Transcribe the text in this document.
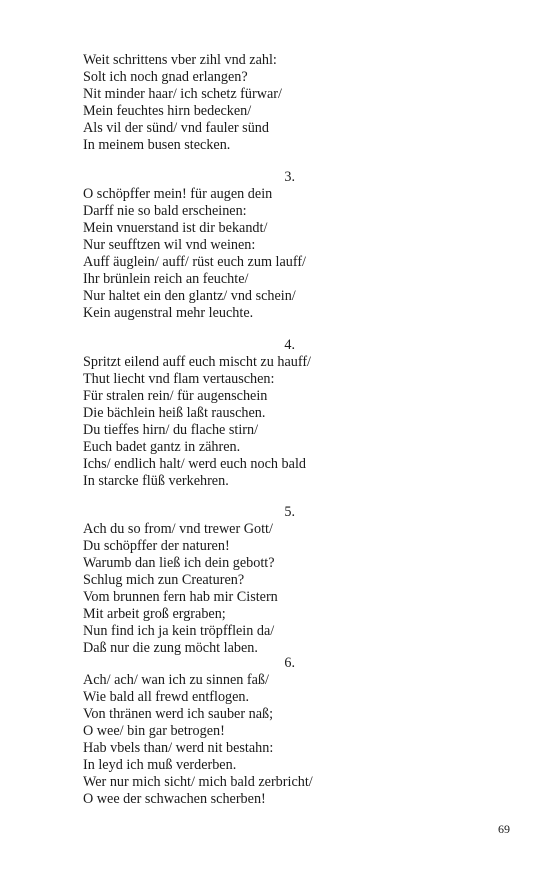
Weit schrittens vber zihl vnd zahl:
Solt ich noch gnad erlangen?
Nit minder haar/ ich schetz fürwar/
Mein feuchtes hirn bedecken/
Als vil der sünd/ vnd fauler sünd
In meinem busen stecken.
3.
O schöpffer mein! für augen dein
Darff nie so bald erscheinen:
Mein vnuerstand ist dir bekandt/
Nur seufftzen wil vnd weinen:
Auff äuglein/ auff/ rüst euch zum lauff/
Ihr brünlein reich an feuchte/
Nur haltet ein den glantz/ vnd schein/
Kein augenstral mehr leuchte.
4.
Spritzt eilend auff euch mischt zu hauff/
Thut liecht vnd flam vertauschen:
Für stralen rein/ für augenschein
Die bächlein heiß laßt rauschen.
Du tieffes hirn/ du flache stirn/
Euch badet gantz in zähren.
Ichs/ endlich halt/ werd euch noch bald
In starcke flüß verkehren.
5.
Ach du so from/ vnd trewer Gott/
Du schöpffer der naturen!
Warumb dan ließ ich dein gebott?
Schlug mich zun Creaturen?
Vom brunnen fern hab mir Cistern
Mit arbeit groß ergraben;
Nun find ich ja kein tröpfflein da/
Daß nur die zung möcht laben.
6.
Ach/ ach/ wan ich zu sinnen faß/
Wie bald all frewd entflogen.
Von thränen werd ich sauber naß;
O wee/ bin gar betrogen!
Hab vbels than/ werd nit bestahn:
In leyd ich muß verderben.
Wer nur mich sicht/ mich bald zerbricht/
O wee der schwachen scherben!
69
